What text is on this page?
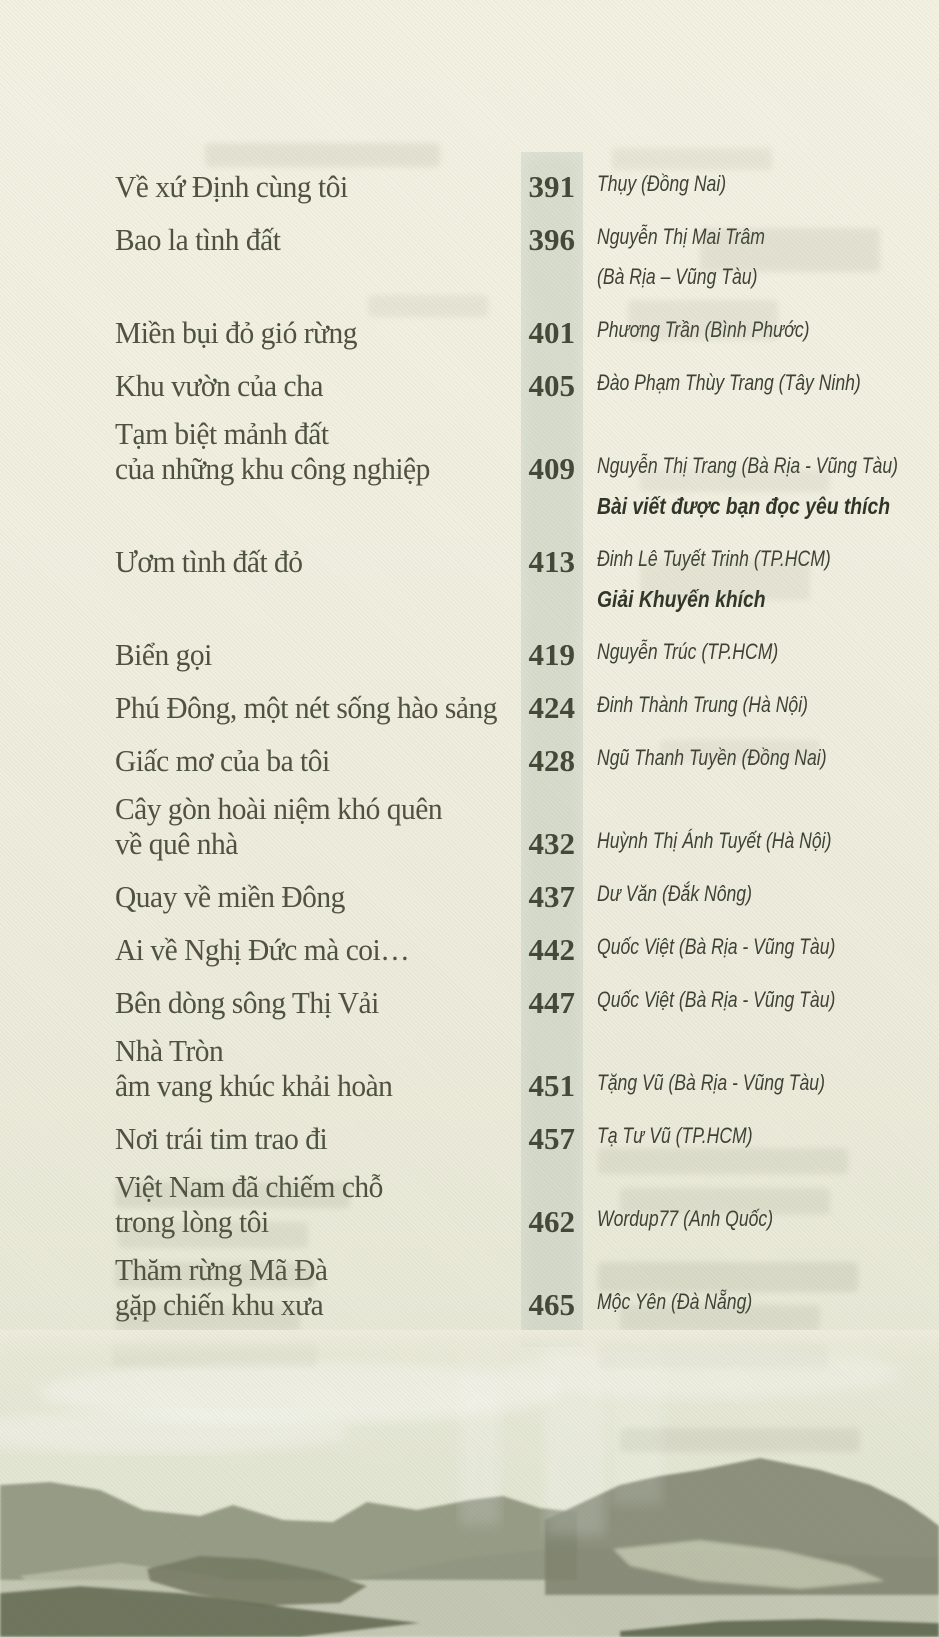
Về xứ Định cùng tôi	391 Thụy (Đồng Nai)
Bao la tình đất	396 Nguyễn Thị Mai Trâm
(Bà Rịa – Vũng Tàu)
Miền bụi đỏ gió rừng	401 Phương Trần (Bình Phước)
Khu vườn của cha	405 Đào Phạm Thùy Trang (Tây Ninh)
Tạm biệt mảnh đất
của những khu công nghiệp	409 Nguyễn Thị Trang (Bà Rịa - Vũng Tàu)
Bài viết được bạn đọc yêu thích
Ươm tình đất đỏ	413 Đinh Lê Tuyết Trinh (TP.HCM)
Giải Khuyến khích
Biển gọi	419 Nguyễn Trúc (TP.HCM)
Phú Đông, một nét sống hào sảng 424 Đinh Thành Trung (Hà Nội)
Giấc mơ của ba tôi	428 Ngũ Thanh Tuyền (Đồng Nai)
Cây gòn hoài niệm khó quên
về quê nhà	432 Huỳnh Thị Ánh Tuyết (Hà Nội)
Quay về miền Đông	437 Dư Văn (Đắk Nông)
Ai về Nghị Đức mà coi…	442 Quốc Việt (Bà Rịa - Vũng Tàu)
Bên dòng sông Thị Vải	447 Quốc Việt (Bà Rịa - Vũng Tàu)
Nhà Tròn
âm vang khúc khải hoàn	451 Tặng Vũ (Bà Rịa - Vũng Tàu)
Nơi trái tim trao đi	457 Tạ Tư Vũ (TP.HCM)
Việt Nam đã chiếm chỗ
trong lòng tôi	462 Wordup77 (Anh Quốc)
Thăm rừng Mã Đà
gặp chiến khu xưa	465 Mộc Yên (Đà Nẵng)
